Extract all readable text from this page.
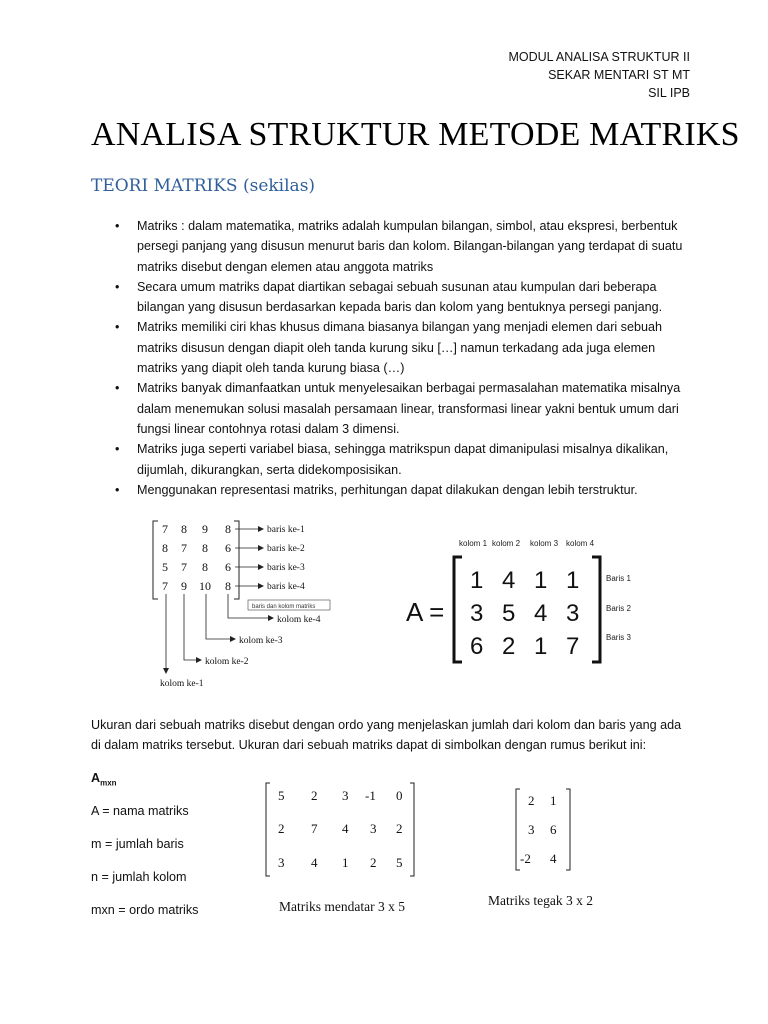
MODUL ANALISA STRUKTUR II
SEKAR MENTARI ST MT
SIL IPB
ANALISA STRUKTUR METODE MATRIKS
TEORI MATRIKS (sekilas)
• Matriks : dalam matematika, matriks adalah kumpulan bilangan, simbol, atau ekspresi, berbentuk persegi panjang yang disusun menurut baris dan kolom. Bilangan-bilangan yang terdapat di suatu matriks disebut dengan elemen atau anggota matriks
• Secara umum matriks dapat diartikan sebagai sebuah susunan atau kumpulan dari beberapa bilangan yang disusun berdasarkan kepada baris dan kolom yang bentuknya persegi panjang.
• Matriks memiliki ciri khas khusus dimana biasanya bilangan yang menjadi elemen dari sebuah matriks disusun dengan diapit oleh tanda kurung siku […] namun terkadang ada juga elemen matriks yang diapit oleh tanda kurung biasa (…)
• Matriks banyak dimanfaatkan untuk menyelesaikan berbagai permasalahan matematika misalnya dalam menemukan solusi masalah persamaan linear, transformasi linear yakni bentuk umum dari fungsi linear contohnya rotasi dalam 3 dimensi.
• Matriks juga seperti variabel biasa, sehingga matrikspun dapat dimanipulasi misalnya dikalikan, dijumlah, dikurangkan, serta didekomposisikan.
• Menggunakan representasi matriks, perhitungan dapat dilakukan dengan lebih terstruktur.
7 8 9 8
8 7 8 6
5 7 8 6
7 9 10 8
baris ke-1
baris ke-2
baris ke-3
baris ke-4
baris dan kolom matriks
kolom ke-4
kolom ke-3
kolom ke-2
kolom ke-1
kolom 1 kolom 2 kolom 3 kolom 4
A =
1 4 1 1
3 5 4 3
6 2 1 7
Baris 1
Baris 2
Baris 3

Ukuran dari sebuah matriks disebut dengan ordo yang menjelaskan jumlah dari kolom dan baris yang ada di dalam matriks tersebut. Ukuran dari sebuah matriks dapat di simbolkan dengan rumus berikut ini:

$A_{mxn}$
A = nama matriks
m = jumlah baris
n = jumlah kolom
mxn = ordo matriks
5 2 3 -1 0
2 7 4 3 2
3 4 1 2 5
Matriks mendatar 3 x 5
2 1
3 6
-2 4
Matriks tegak 3 x 2
